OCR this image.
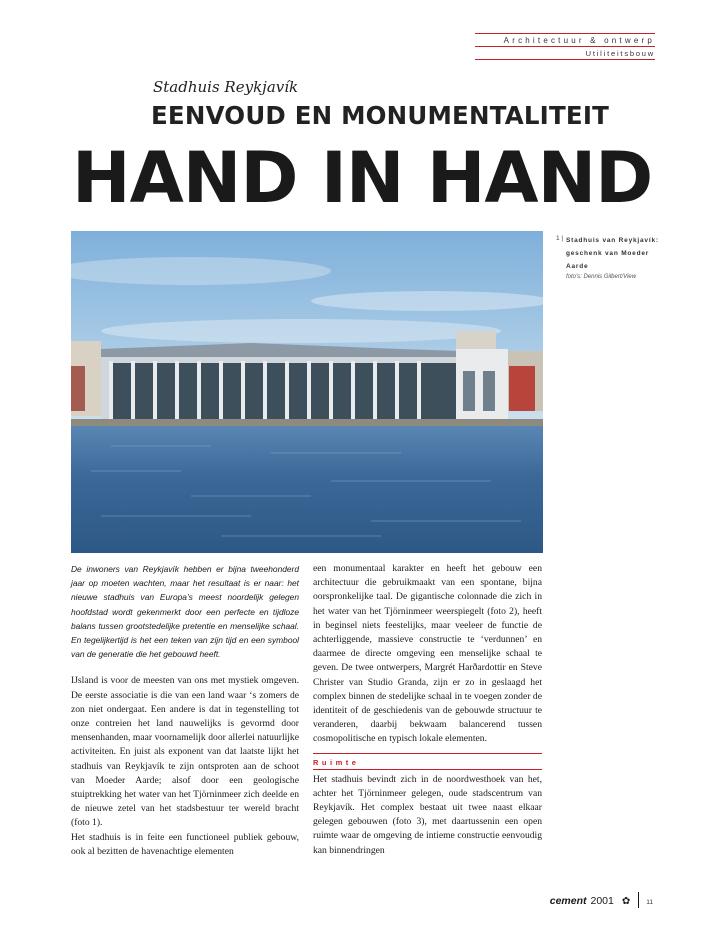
Architectuur & ontwerp
Utiliteitsbouw
Stadhuis Reykjavík
EENVOUD EN MONUMENTALITEIT
HAND IN HAND
1 | Stadhuis van Reykjavík:
geschenk van Moeder
Aarde
foto's: Dennis Gilbert/View
De inwoners van Reykjavík hebben er bijna tweehonderd jaar op moeten wachten, maar het resultaat is er naar: het nieuwe stadhuis van Europa’s meest noordelijk gelegen hoofdstad wordt gekenmerkt door een perfecte en tijdloze balans tussen grootstedelijke pretentie en menselijke schaal. En tegelijkertijd is het een teken van zijn tijd en een symbool van de generatie die het gebouwd heeft.

IJsland is voor de meesten van ons met mystiek omgeven. De eerste associatie is die van een land waar ‘s zomers de zon niet ondergaat. Een andere is dat in tegenstelling tot onze contreien het land nauwelijks is gevormd door mensenhanden, maar voornamelijk door allerlei natuurlijke activiteiten. En juist als exponent van dat laatste lijkt het stadhuis van Reykjavík te zijn ontsproten aan de schoot van Moeder Aarde; alsof door een geologische stuiptrekking het water van het Tjörninmeer zich deelde en de nieuwe zetel van het stadsbestuur ter wereld bracht (foto 1).

Het stadhuis is in feite een functioneel publiek gebouw, ook al bezitten de havenachtige elementen

een monumentaal karakter en heeft het gebouw een architectuur die gebruikmaakt van een spontane, bijna oorspronkelijke taal. De gigantische colonnade die zich in het water van het Tjörninmeer weerspiegelt (foto 2), heeft in beginsel niets feestelijks, maar veeleer de functie de achterliggende, massieve constructie te ‘verdunnen’ en daarmee de directe omgeving een menselijke schaal te geven. De twee ontwerpers, Margrét Harðardottir en Steve Christer van Studio Granda, zijn er zo in geslaagd het complex binnen de stedelijke schaal in te voegen zonder de identiteit of de geschiedenis van de gebouwde structuur te veranderen, daarbij bekwaam balancerend tussen cosmopolitische en typisch lokale elementen.

Ruimte

Het stadhuis bevindt zich in de noordwesthoek van het, achter het Tjörninmeer gelegen, oude stadscentrum van Reykjavík. Het complex bestaat uit twee naast elkaar gelegen gebouwen (foto 3), met daartussenin een open ruimte waar de omgeving de intieme constructie eenvoudig kan binnendringen

cement 2001 ✿ 11
